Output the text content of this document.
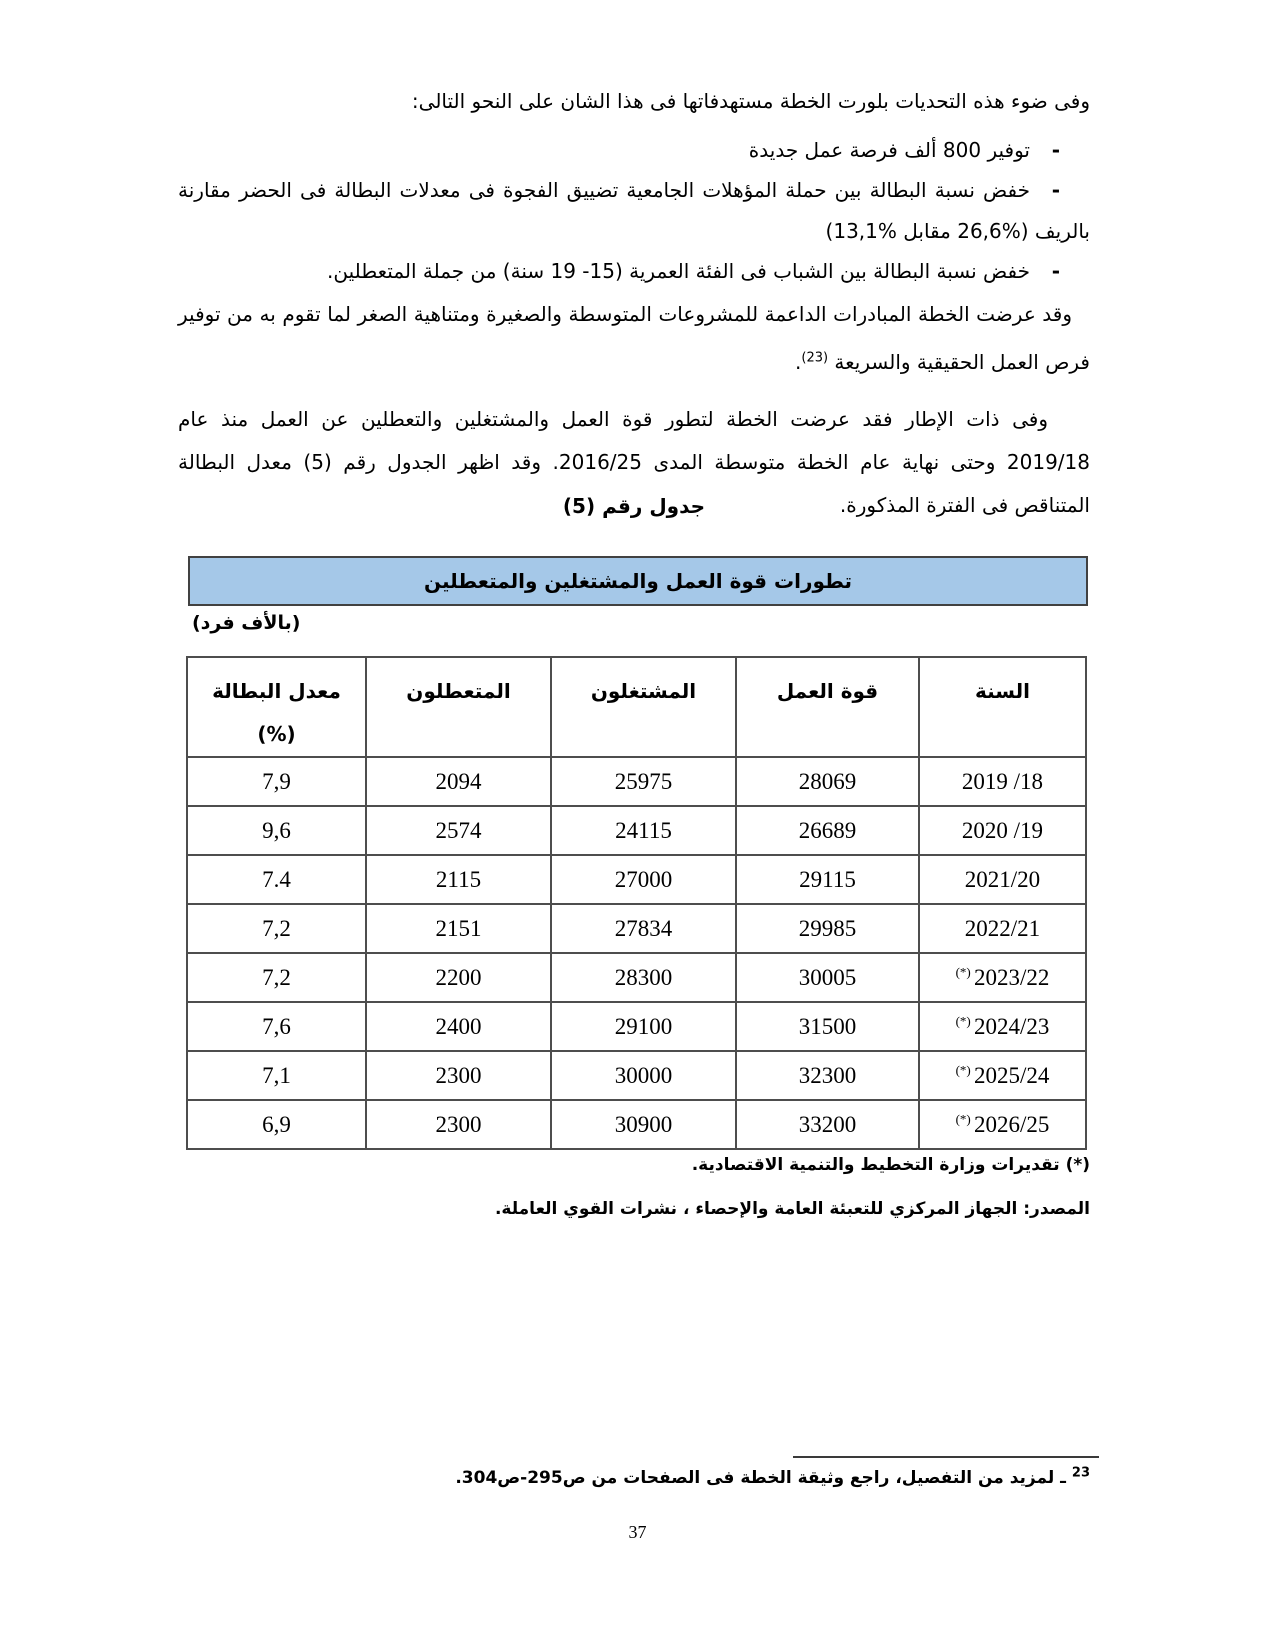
وفى ضوء هذه التحديات بلورت الخطة مستهدفاتها فى هذا الشان على النحو التالى:

-توفير 800 ألف فرصة عمل جديدة

-خفض نسبة البطالة بين حملة المؤهلات الجامعية تضييق الفجوة فى معدلات البطالة فى الحضر مقارنة بالريف (%26,6 مقابل %13,1)

-خفض نسبة البطالة بين الشباب فى الفئة العمرية (15- 19 سنة) من جملة المتعطلين.

وقد عرضت الخطة المبادرات الداعمة للمشروعات المتوسطة والصغيرة ومتناهية الصغر لما تقوم به من توفير فرص العمل الحقيقية والسريعة $^{(23)}$.

وفى ذات الإطار فقد عرضت الخطة لتطور قوة العمل والمشتغلين والتعطلين عن العمل منذ عام 2019/18 وحتى نهاية عام الخطة متوسطة المدى 2016/25. وقد اظهر الجدول رقم (5) معدل البطالة المتناقص فى الفترة المذكورة.

جدول رقم (5)
تطورات قوة العمل والمشتغلين والمتعطلين
(بالأف فرد)
السنة	قوة العمل	المشتغلون	المتعطلون	معدل البطالة
(%)

2019 /18	28069	25975	2094	7,9
2020 /19	26689	24115	2574	9,6
2021/20	29115	27000	2115	7.4
2022/21	29985	27834	2151	7,2
(*) 2023/22	30005	28300	2200	7,2
(*) 2024/23	31500	29100	2400	7,6
(*) 2025/24	32300	30000	2300	7,1
(*) 2026/25	33200	30900	2300	6,9

(*) تقديرات وزارة التخطيط والتنمية الاقتصادية.

المصدر: الجهاز المركزي للتعبئة العامة والإحصاء ، نشرات القوي العاملة.

$^{23}$ ـ لمزيد من التفصيل، راجع وثيقة الخطة فى الصفحات من ص295-ص304.

37
